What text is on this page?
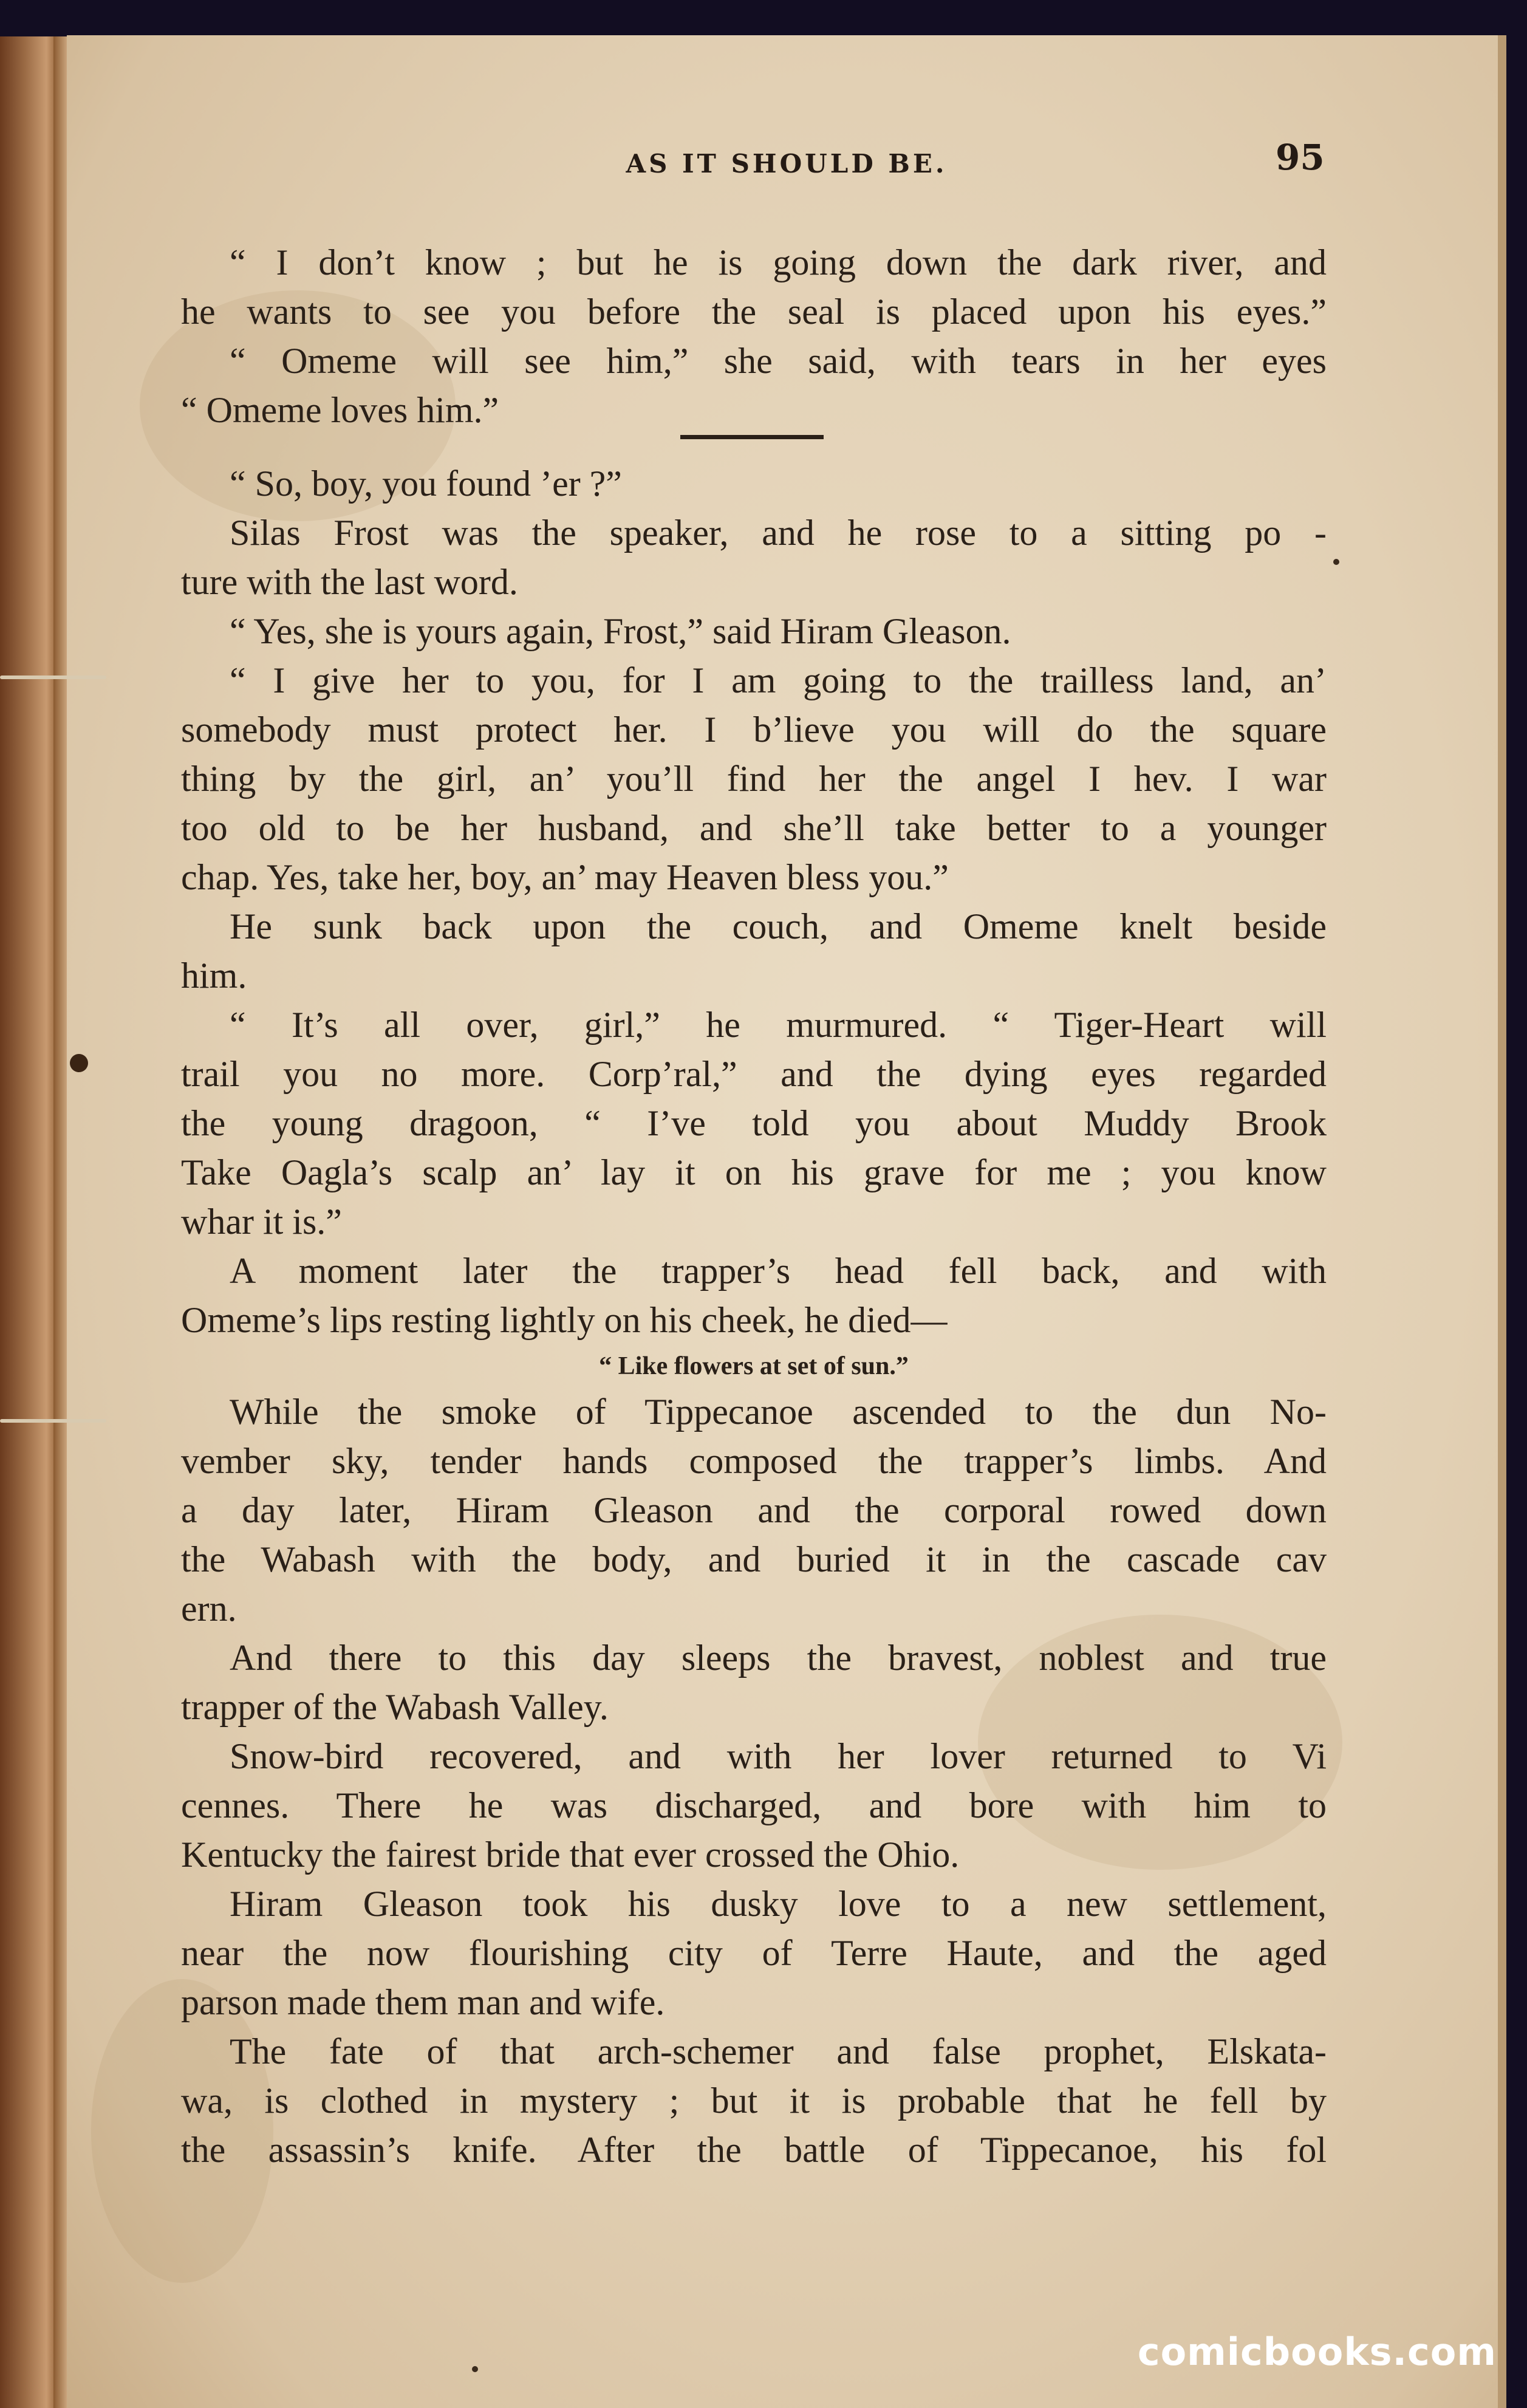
AS IT SHOULD BE.	95
“ I don’t know ; but he is going down the dark river, and
he wants to see you before the seal is placed upon his eyes.”
“ Omeme will see him,” she said, with tears in her eyes
“ Omeme loves him.”
“ So, boy, you found ’er ?”
Silas Frost was the speaker, and he rose to a sitting po -
ture with the last word.
“ Yes, she is yours again, Frost,” said Hiram Gleason.
“ I give her to you, for I am going to the trailless land, an’
somebody must protect her. I b’lieve you will do the square
thing by the girl, an’ you’ll find her the angel I hev. I war
too old to be her husband, and she’ll take better to a younger
chap. Yes, take her, boy, an’ may Heaven bless you.”
He sunk back upon the couch, and Omeme knelt beside
him.
“ It’s all over, girl,” he murmured. “ Tiger-Heart will
trail you no more. Corp’ral,” and the dying eyes regarded
the young dragoon, “ I’ve told you about Muddy Brook
Take Oagla’s scalp an’ lay it on his grave for me ; you know
whar it is.”
A moment later the trapper’s head fell back, and with
Omeme’s lips resting lightly on his cheek, he died—
“ Like flowers at set of sun.”
While the smoke of Tippecanoe ascended to the dun No-
vember sky, tender hands composed the trapper’s limbs. And
a day later, Hiram Gleason and the corporal rowed down
the Wabash with the body, and buried it in the cascade cav
ern.
And there to this day sleeps the bravest, noblest and true
trapper of the Wabash Valley.
Snow-bird recovered, and with her lover returned to Vi
cennes. There he was discharged, and bore with him to
Kentucky the fairest bride that ever crossed the Ohio.
Hiram Gleason took his dusky love to a new settlement,
near the now flourishing city of Terre Haute, and the aged
parson made them man and wife.
The fate of that arch-schemer and false prophet, Elskata-
wa, is clothed in mystery ; but it is probable that he fell by
the assassin’s knife. After the battle of Tippecanoe, his fol
comicbooks.com
